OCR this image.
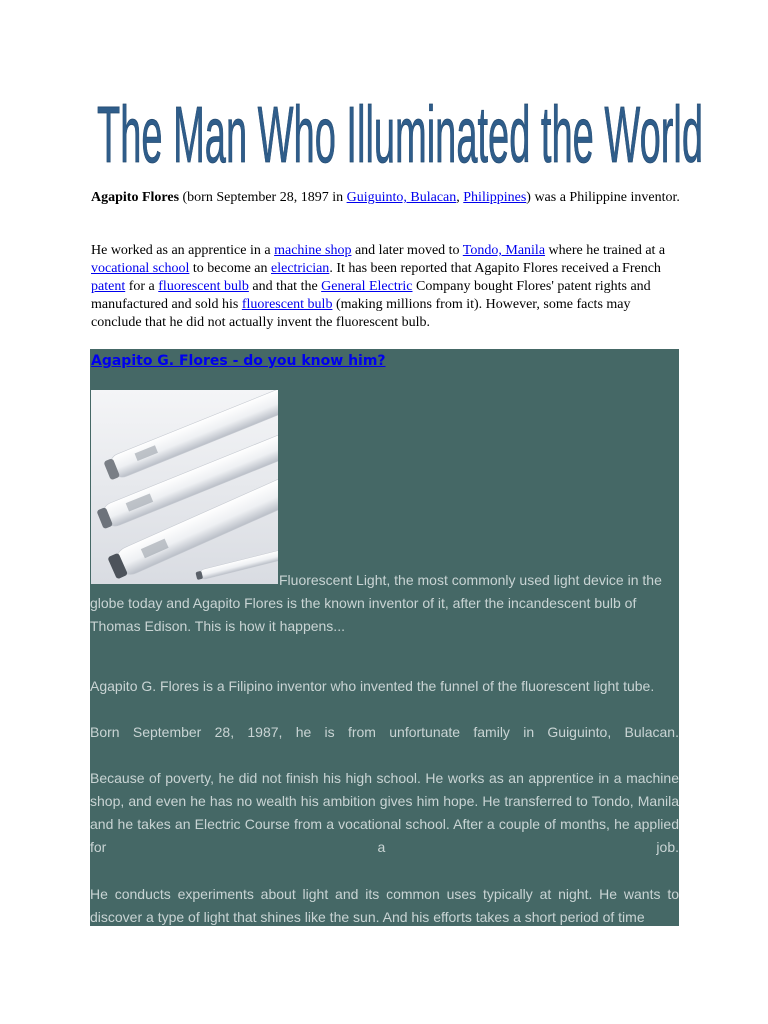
The Man Who Illuminated the World

Agapito Flores (born September 28, 1897 in Guiguinto, Bulacan, Philippines) was a Philippine inventor.

He worked as an apprentice in a machine shop and later moved to Tondo, Manila where he trained at a vocational school to become an electrician. It has been reported that Agapito Flores received a French patent for a fluorescent bulb and that the General Electric Company bought Flores' patent rights and manufactured and sold his fluorescent bulb (making millions from it). However, some facts may conclude that he did not actually invent the fluorescent bulb.

Agapito G. Flores - do you know him?

Fluorescent Light, the most commonly used light device in the globe today and Agapito Flores is the known inventor of it, after the incandescent bulb of Thomas Edison. This is how it happens...

Agapito G. Flores is a Filipino inventor who invented the funnel of the fluorescent light tube.

Born September 28, 1987, he is from unfortunate family in Guiguinto, Bulacan.

Because of poverty, he did not finish his high school. He works as an apprentice in a machine shop, and even he has no wealth his ambition gives him hope. He transferred to Tondo, Manila and he takes an Electric Course from a vocational school. After a couple of months, he applied for a job.

He conducts experiments about light and its common uses typically at night. He wants to discover a type of light that shines like the sun. And his efforts takes a short period of time
